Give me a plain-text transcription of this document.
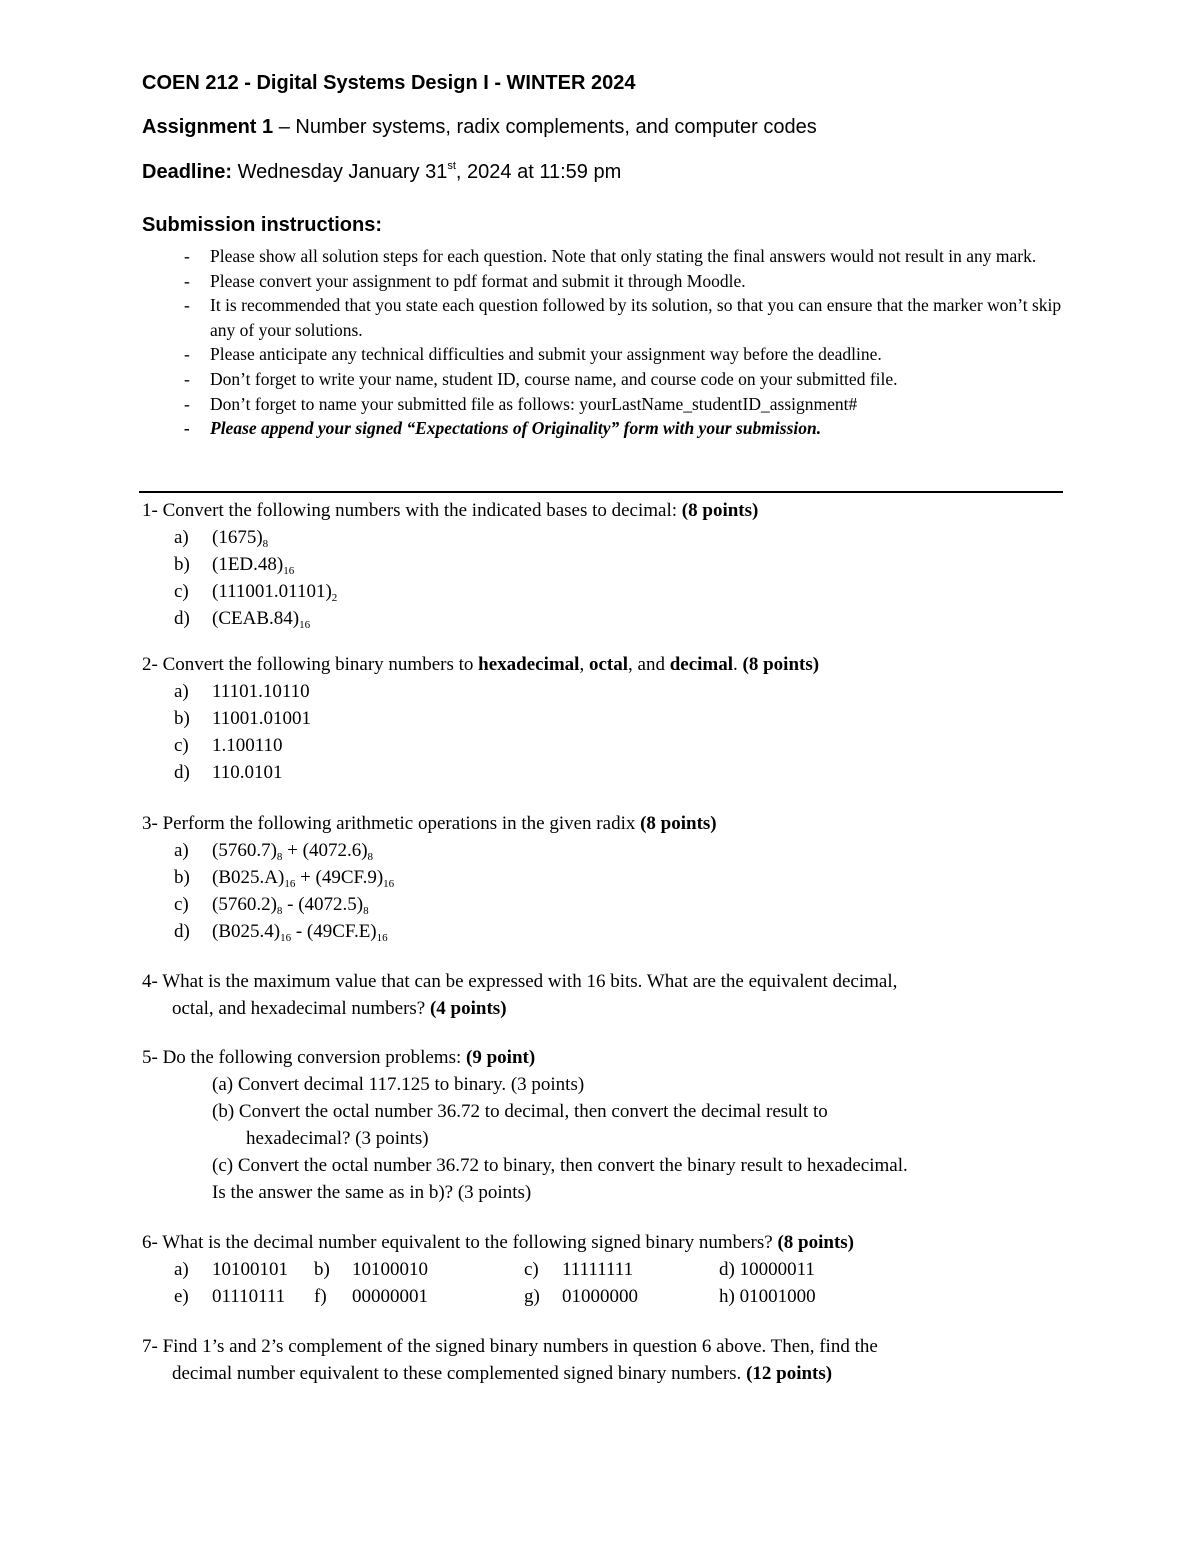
COEN 212 - Digital Systems Design I - WINTER 2024
Assignment 1 – Number systems, radix complements, and computer codes
Deadline: Wednesday January 31st, 2024 at 11:59 pm
Submission instructions:
- Please show all solution steps for each question. Note that only stating the final answers would not result in any mark.
- Please convert your assignment to pdf format and submit it through Moodle.
- It is recommended that you state each question followed by its solution, so that you can ensure that the marker won’t skip any of your solutions.
- Please anticipate any technical difficulties and submit your assignment way before the deadline.
- Don’t forget to write your name, student ID, course name, and course code on your submitted file.
- Don’t forget to name your submitted file as follows: yourLastName_studentID_assignment#
- Please append your signed “Expectations of Originality” form with your submission.

1- Convert the following numbers with the indicated bases to decimal: (8 points)

a) $(1675)_8$
b) $(1ED.48)_{16}$
c) $(111001.01101)_2$
d) $(CEAB.84)_{16}$

2- Convert the following binary numbers to hexadecimal, octal, and decimal. (8 points)

a) 11101.10110
b) 11001.01001
c) 1.100110
d) 110.0101

3- Perform the following arithmetic operations in the given radix (8 points)

a) $(5760.7)_8 + (4072.6)_8$
b) $(B025.A)_{16} + (49CF.9)_{16}$
c) $(5760.2)_8 - (4072.5)_8$
d) $(B025.4)_{16} - (49CF.E)_{16}$

4- What is the maximum value that can be expressed with 16 bits. What are the equivalent decimal,

octal, and hexadecimal numbers? (4 points)

5- Do the following conversion problems: (9 point)

(a) Convert decimal 117.125 to binary. (3 points)
(b) Convert the octal number 36.72 to decimal, then convert the decimal result to
hexadecimal? (3 points)
(c) Convert the octal number 36.72 to binary, then convert the binary result to hexadecimal.
Is the answer the same as in b)? (3 points)

6- What is the decimal number equivalent to the following signed binary numbers? (8 points)

a) 10100101	b) 10100010	c) 11111111	d) 10000011
e) 01110111	f) 00000001	g) 01000000	h) 01001000

7- Find 1’s and 2’s complement of the signed binary numbers in question 6 above. Then, find the

decimal number equivalent to these complemented signed binary numbers. (12 points)
